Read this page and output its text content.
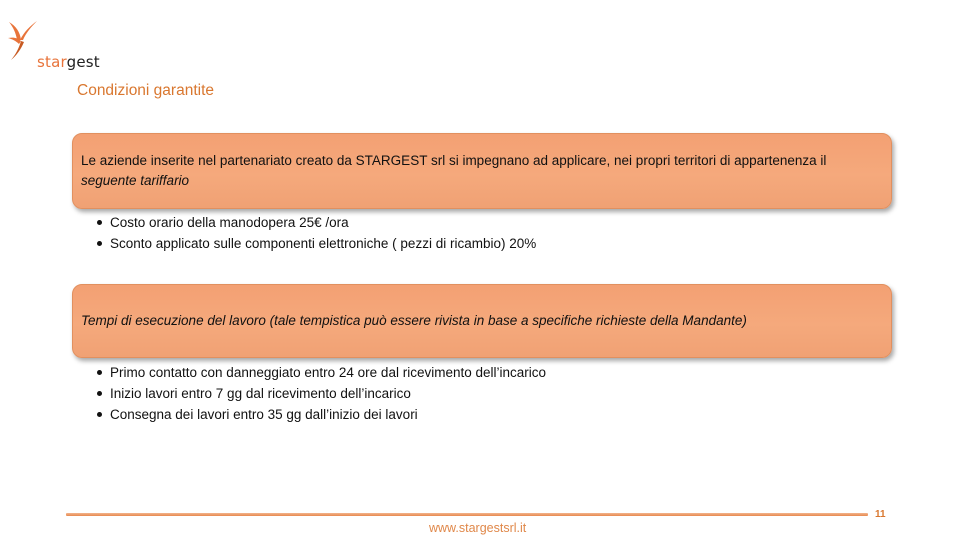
stargest
Condizioni garantite
Le aziende inserite nel partenariato creato da STARGEST srl si impegnano ad applicare, nei propri territori di appartenenza il seguente tariffario
Costo orario della manodopera 25€ /ora
Sconto applicato sulle componenti elettroniche ( pezzi di ricambio) 20%
Tempi di esecuzione del lavoro (tale tempistica può essere rivista in base a specifiche richieste della Mandante)
Primo contatto con danneggiato entro 24 ore dal ricevimento dell’incarico
Inizio lavori entro 7 gg dal ricevimento dell’incarico
Consegna dei lavori entro 35 gg dall’inizio dei lavori
11
www.stargestsrl.it
